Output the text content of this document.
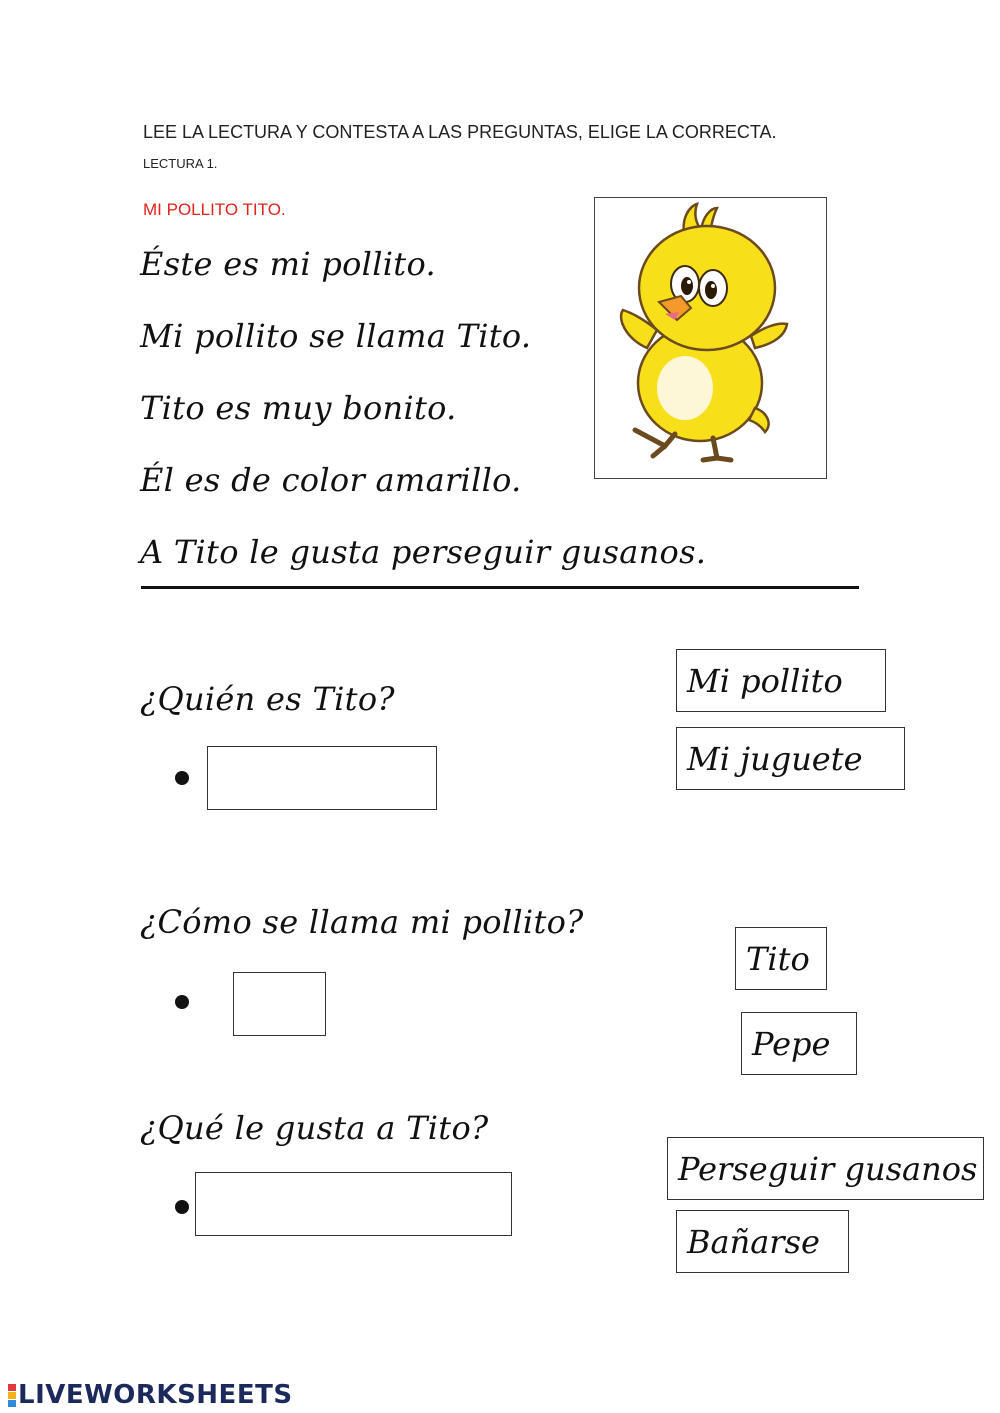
LEE LA LECTURA Y CONTESTA A LAS PREGUNTAS, ELIGE LA CORRECTA.
LECTURA 1.
MI POLLITO TITO.
Éste es mi pollito.
Mi pollito se llama Tito.
Tito es muy bonito.
Él es de color amarillo.
A Tito le gusta perseguir gusanos.
¿Quién es Tito?	Mi pollito
Mi juguete
¿Cómo se llama mi pollito?
Tito
Pepe
¿Qué le gusta a Tito?
Perseguir gusanos
Bañarse
LIVEWORKSHEETS
